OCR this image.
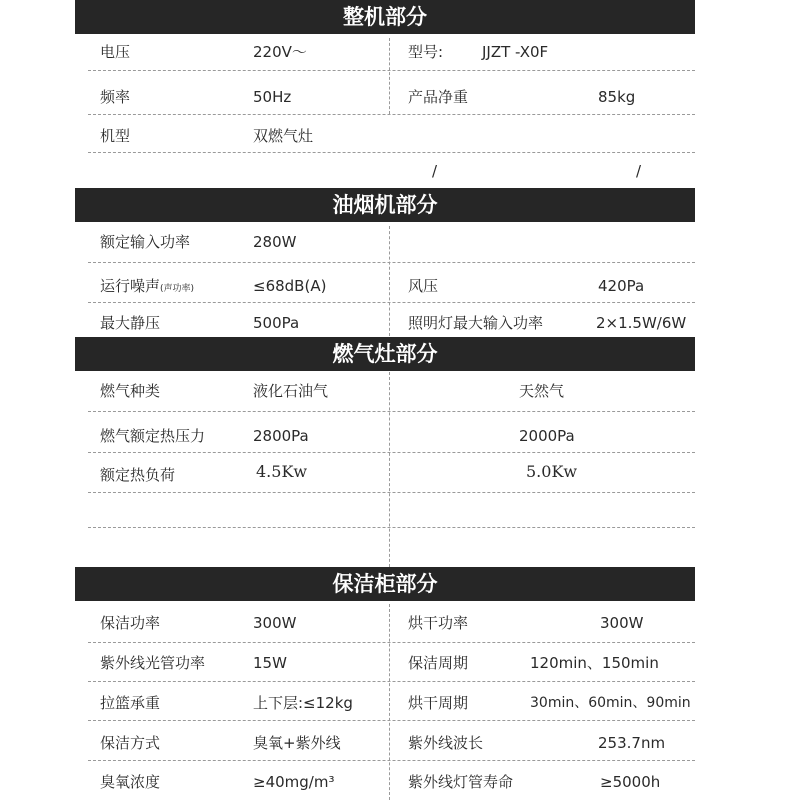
整机部分
电压	220V～	型号:	JJZT -X0F
频率	50Hz	产品净重	85kg
机型	双燃气灶
/	/
油烟机部分
额定输入功率	280W
运行噪声(声功率)	≤68dB(A)	风压	420Pa
最大静压	500Pa	照明灯最大输入功率	2×1.5W/6W
燃气灶部分
燃气种类	液化石油气	天然气
燃气额定热压力	2800Pa	2000Pa
额定热负荷	4.5Kw	5.0Kw
保洁柜部分
保洁功率	300W	烘干功率	300W
紫外线光管功率	15W	保洁周期	120min、150min
拉篮承重	上下层:≤12kg	烘干周期	30min、60min、90min
保洁方式	臭氧+紫外线	紫外线波长	253.7nm
臭氧浓度	≥40mg/m³	紫外线灯管寿命	≥5000h
